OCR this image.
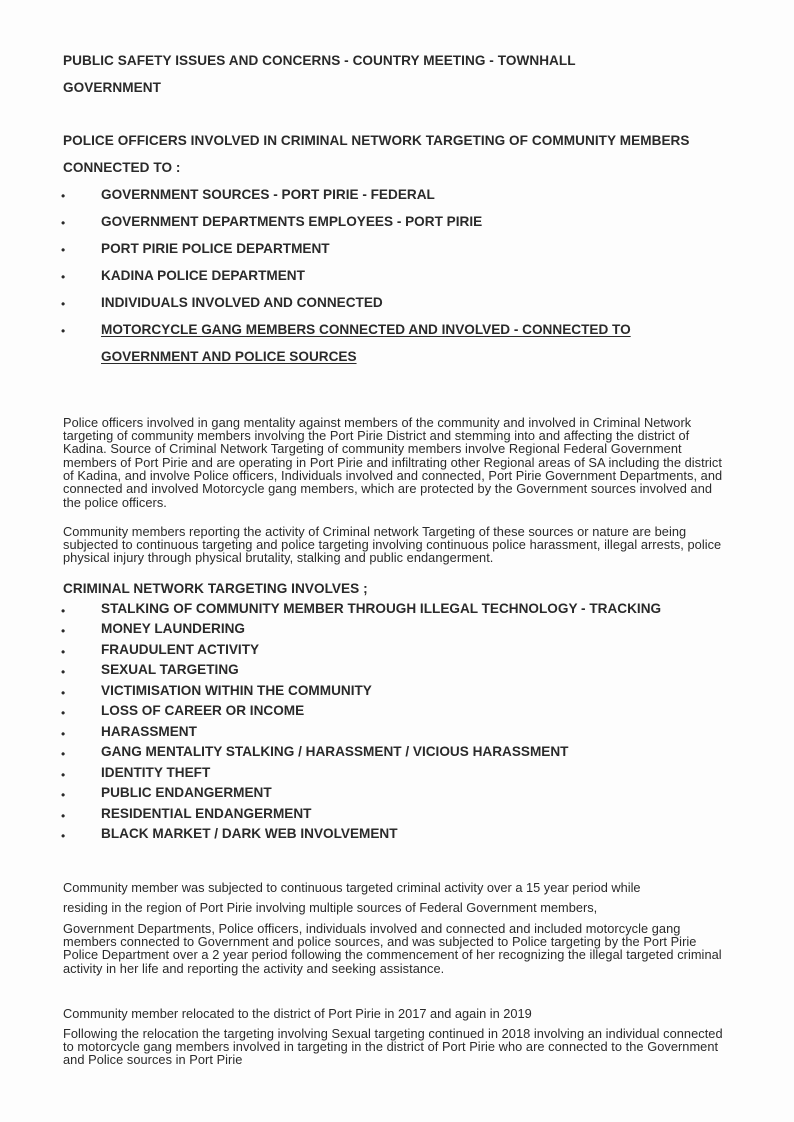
PUBLIC SAFETY ISSUES AND CONCERNS - COUNTRY MEETING - TOWNHALL

GOVERNMENT

POLICE OFFICERS INVOLVED IN CRIMINAL NETWORK TARGETING OF COMMUNITY MEMBERS

CONNECTED TO :

•	GOVERNMENT SOURCES - PORT PIRIE - FEDERAL
•	GOVERNMENT DEPARTMENTS EMPLOYEES - PORT PIRIE
•	PORT PIRIE POLICE DEPARTMENT
•	KADINA POLICE DEPARTMENT
•	INDIVIDUALS INVOLVED AND CONNECTED
•	MOTORCYCLE GANG MEMBERS CONNECTED AND INVOLVED - CONNECTED TO
GOVERNMENT AND POLICE SOURCES

Police officers involved in gang mentality against members of the community and involved in Criminal Network targeting of community members involving the Port Pirie District and stemming into and affecting the district of Kadina. Source of Criminal Network Targeting of community members involve Regional Federal Government members of Port Pirie and are operating in Port Pirie and infiltrating other Regional areas of SA including the district of Kadina, and involve Police officers, Individuals involved and connected, Port Pirie Government Departments, and connected and involved Motorcycle gang members, which are protected by the Government sources involved and the police officers.

Community members reporting the activity of Criminal network Targeting of these sources or nature are being subjected to continuous targeting and police targeting involving continuous police harassment, illegal arrests, police physical injury through physical brutality, stalking and public endangerment.

CRIMINAL NETWORK TARGETING INVOLVES ;

•	STALKING OF COMMUNITY MEMBER THROUGH ILLEGAL TECHNOLOGY - TRACKING
•	MONEY LAUNDERING
•	FRAUDULENT ACTIVITY
•	SEXUAL TARGETING
•	VICTIMISATION WITHIN THE COMMUNITY
•	LOSS OF CAREER OR INCOME
•	HARASSMENT
•	GANG MENTALITY STALKING / HARASSMENT / VICIOUS HARASSMENT
•	IDENTITY THEFT
•	PUBLIC ENDANGERMENT
•	RESIDENTIAL ENDANGERMENT
•	BLACK MARKET / DARK WEB INVOLVEMENT

Community member was subjected to continuous targeted criminal activity over a 15 year period while

residing in the region of Port Pirie involving multiple sources of Federal Government members,

Government Departments, Police officers, individuals involved and connected and included motorcycle gang members connected to Government and police sources, and was subjected to Police targeting by the Port Pirie Police Department over a 2 year period following the commencement of her recognizing the illegal targeted criminal activity in her life and reporting the activity and seeking assistance.

Community member relocated to the district of Port Pirie in 2017 and again in 2019

Following the relocation the targeting involving Sexual targeting continued in 2018 involving an individual connected to motorcycle gang members involved in targeting in the district of Port Pirie who are connected to the Government and Police sources in Port Pirie
